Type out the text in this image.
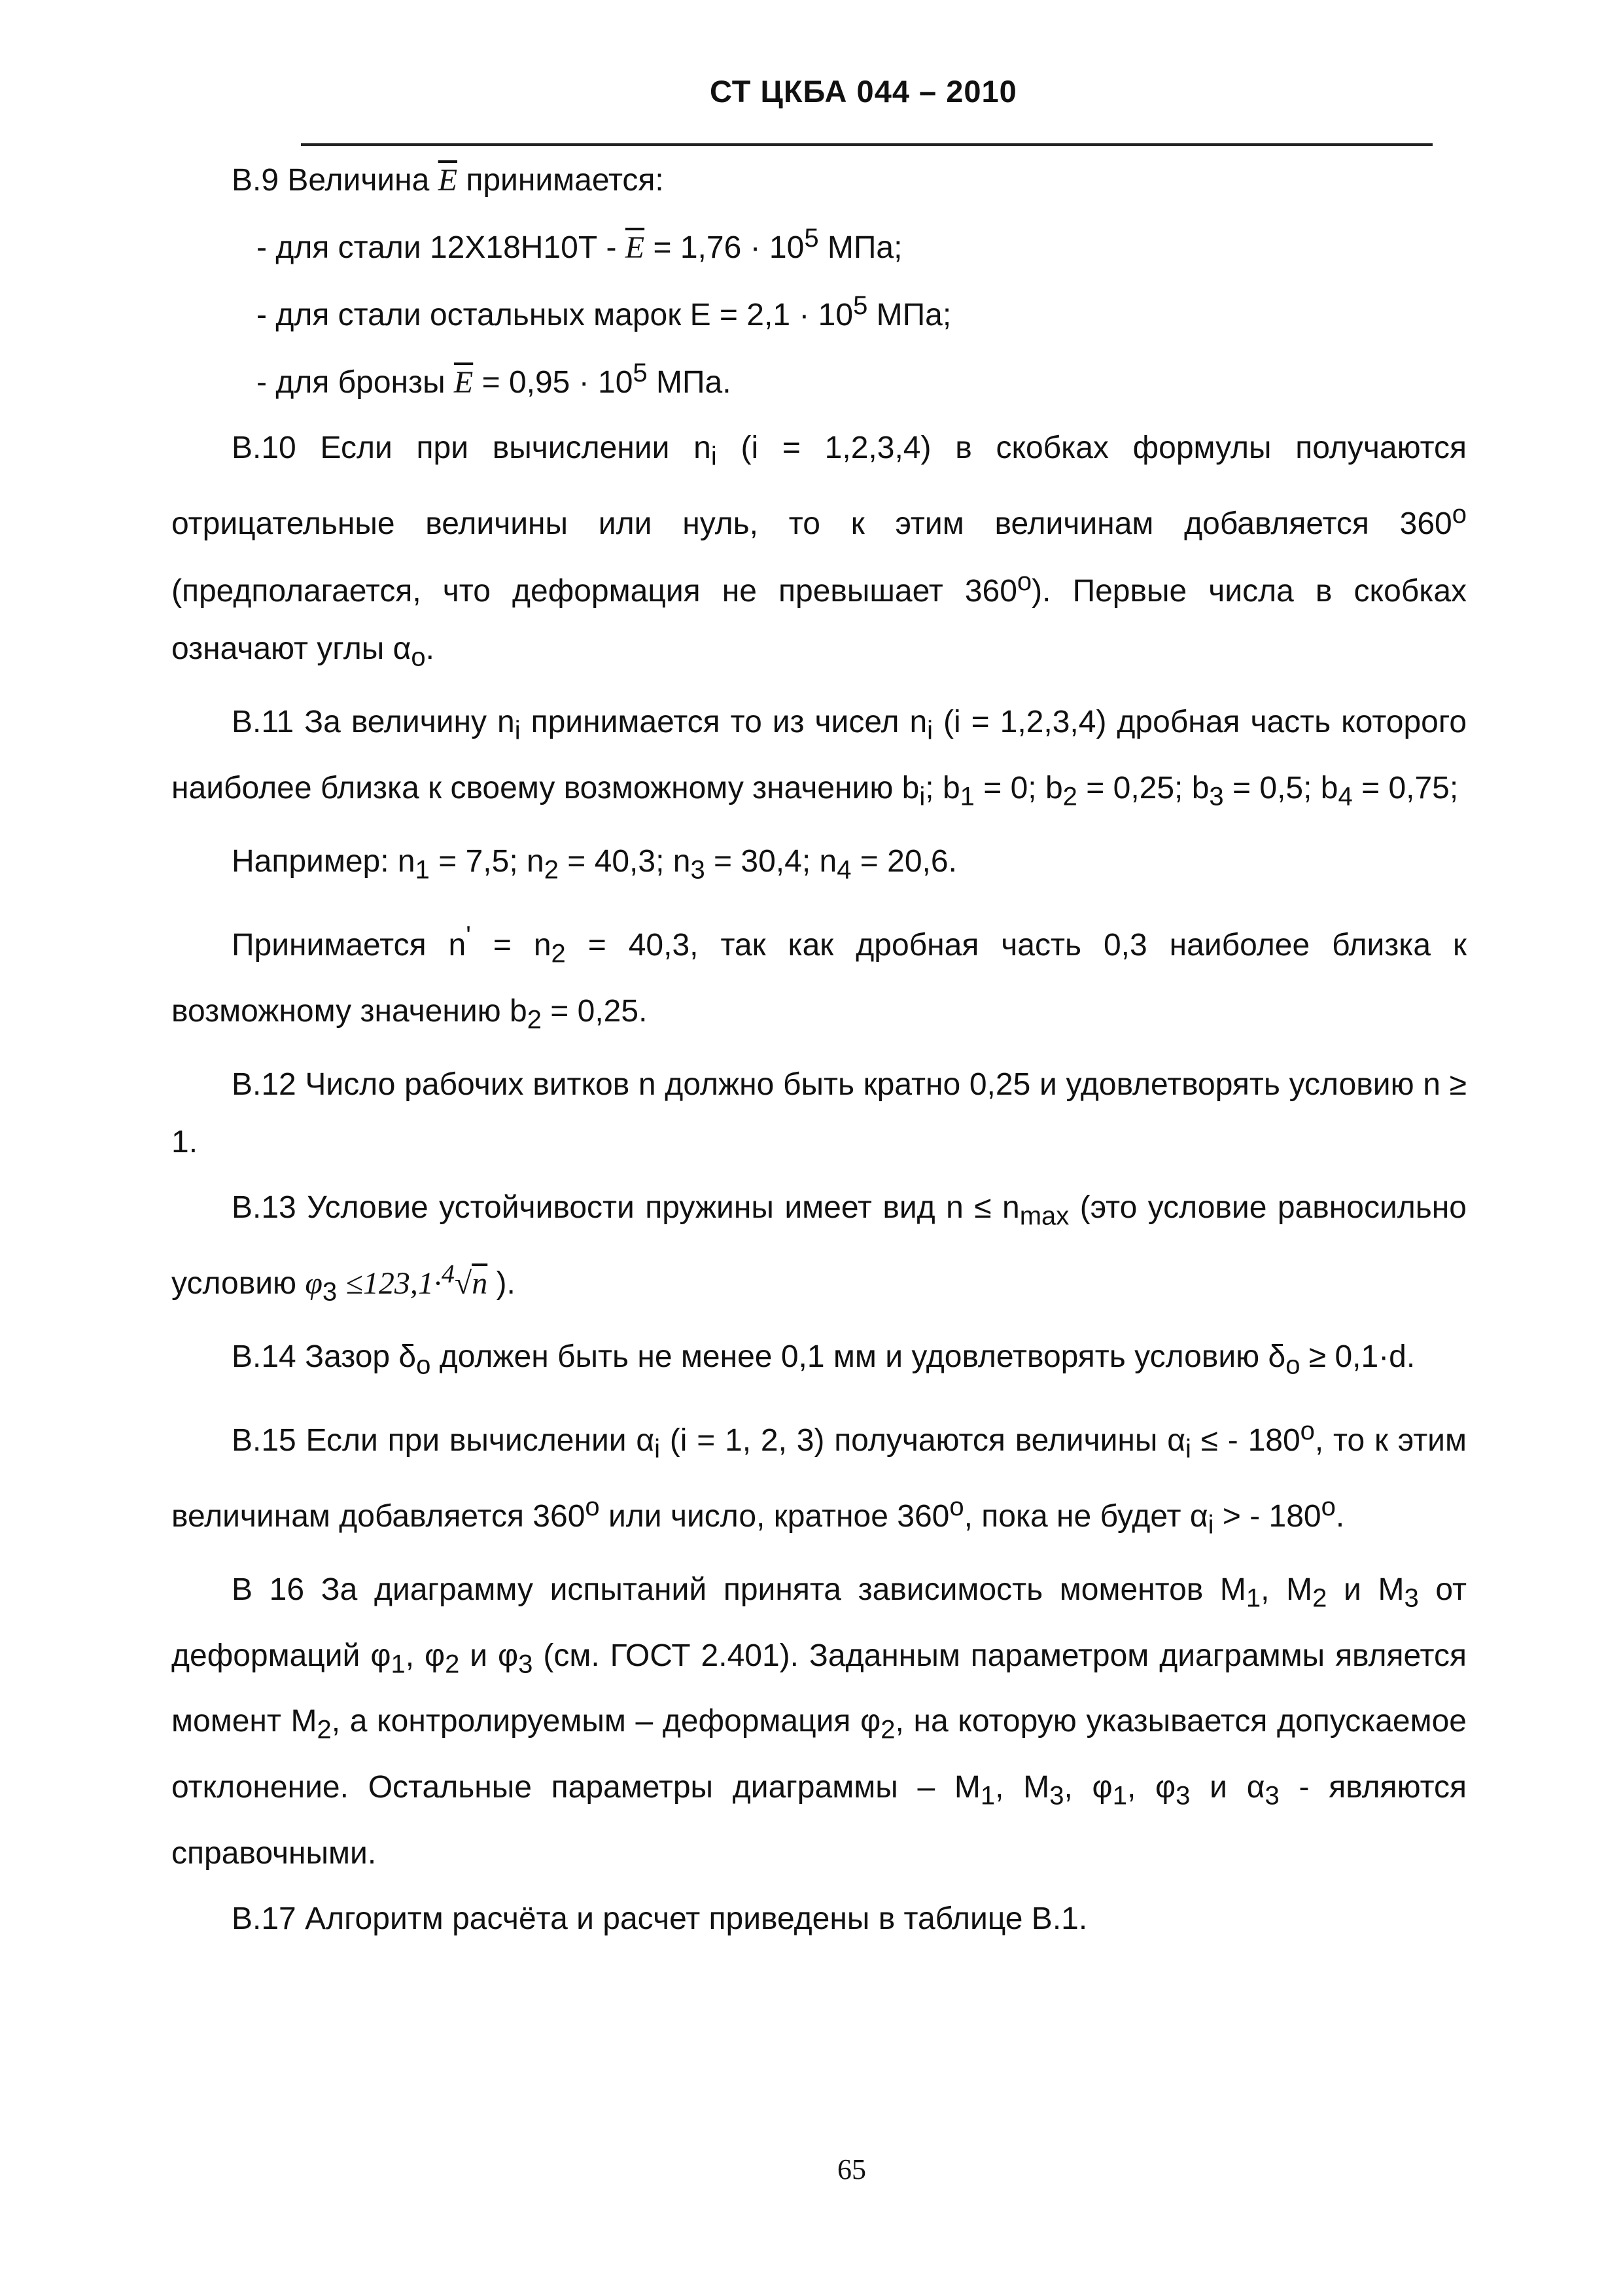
СТ ЦКБА 044 – 2010

В.9 Величина $\overline{E}$ принимается:

- для стали $12Х18Н10Т - \overline{E} = 1,76 \cdot 10^5$ МПа;

- для стали остальных марок $Е = 2,1 \cdot 10^5$ МПа;

- для бронзы $\overline{E} = 0,95 \cdot 10^5$ МПа.

В.10 Если при вычислении $n_i$ (i = 1,2,3,4) в скобках формулы получаются отрицательные величины или нуль, то к этим величинам добавляется $360^о$ (предполагается, что деформация не превышает $360^о$). Первые числа в скобках означают углы $\alpha_о$.

В.11 За величину $n_i$ принимается то из чисел $n_i$ (i = 1,2,3,4) дробная часть которого наиболее близка к своему возможному значению $b_i$; $b_1 = 0$; $b_2 = 0,25$; $b_3 = 0,5$; $b_4 = 0,75$;

Например: $n_1 = 7,5$; $n_2 = 40,3$; $n_3 = 30,4$; $n_4 = 20,6$.

Принимается $n' = n_2 = 40,3$, так как дробная часть 0,3 наиболее близка к возможному значению $b_2 = 0,25$.

В.12 Число рабочих витков n должно быть кратно 0,25 и удовлетворять условию n ≥ 1.

В.13 Условие устойчивости пружины имеет вид $n \le n_{max}$ (это условие равносильно условию $\varphi_3 \le 123,1\cdot^4√n$ ).

В.14 Зазор $\delta_о$ должен быть не менее 0,1 мм и удовлетворять условию $\delta_о \ge 0,1\cdot d$.

В.15 Если при вычислении $\alpha_i$ (i = 1, 2, 3) получаются величины $\alpha_i$ ≤ - $180^о$, то к этим величинам добавляется $360^о$ или число, кратное $360^о$, пока не будет $\alpha_i$ > - $180^о$.

В 16 За диаграмму испытаний принята зависимость моментов $М_1$, $М_2$ и $М_3$ от деформаций $\varphi_1$, $\varphi_2$ и $\varphi_3$ (см. ГОСТ 2.401). Заданным параметром диаграммы является момент $М_2$, а контролируемым – деформация $\varphi_2$, на которую указывается допускаемое отклонение. Остальные параметры диаграммы – $М_1$, $М_3$, $\varphi_1$, $\varphi_3$ и $\alpha_3$ - являются справочными.

В.17 Алгоритм расчёта и расчет приведены в таблице В.1.

65
